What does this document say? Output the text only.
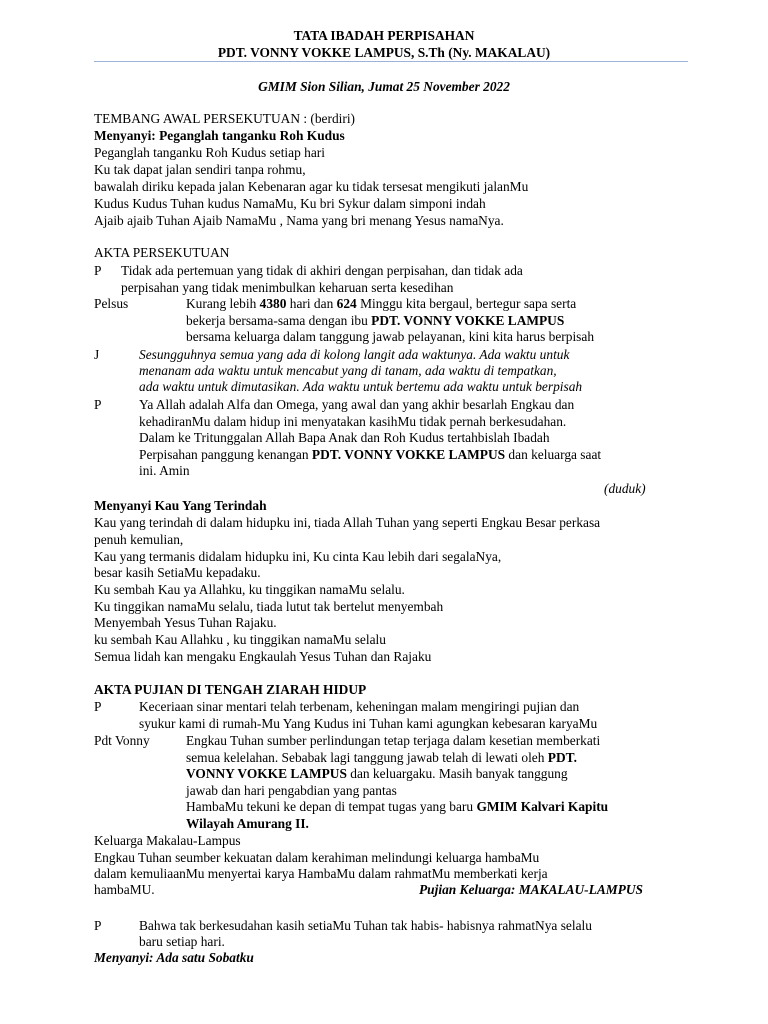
TATA IBADAH PERPISAHAN
PDT. VONNY VOKKE LAMPUS, S.Th (Ny. MAKALAU)
GMIM Sion Silian, Jumat 25 November 2022
TEMBANG AWAL PERSEKUTUAN : (berdiri)
Menyanyi: Peganglah tanganku Roh Kudus
Peganglah tanganku Roh Kudus setiap hari
Ku tak dapat jalan sendiri tanpa rohmu,
bawalah diriku kepada jalan Kebenaran agar ku tidak tersesat mengikuti jalanMu
Kudus Kudus Tuhan kudus NamaMu, Ku bri Sykur dalam simponi indah
Ajaib ajaib Tuhan Ajaib NamaMu , Nama yang bri menang Yesus namaNya.
AKTA PERSEKUTUAN
P Tidak ada pertemuan yang tidak di akhiri dengan perpisahan, dan tidak ada
perpisahan yang tidak menimbulkan keharuan serta kesedihan
Pelsus	Kurang lebih 4380 hari dan 624 Minggu kita bergaul, bertegur sapa serta
bekerja bersama-sama dengan ibu PDT. VONNY VOKKE LAMPUS
bersama keluarga dalam tanggung jawab pelayanan, kini kita harus berpisah
J	Sesungguhnya semua yang ada di kolong langit ada waktunya. Ada waktu untuk
menanam ada waktu untuk mencabut yang di tanam, ada waktu di tempatkan,
ada waktu untuk dimutasikan. Ada waktu untuk bertemu ada waktu untuk berpisah
P	Ya Allah adalah Alfa dan Omega, yang awal dan yang akhir besarlah Engkau dan
kehadiranMu dalam hidup ini menyatakan kasihMu tidak pernah berkesudahan.
Dalam ke Tritunggalan Allah Bapa Anak dan Roh Kudus tertahbislah Ibadah
Perpisahan panggung kenangan PDT. VONNY VOKKE LAMPUS dan keluarga saat
ini. Amin
(duduk)
Menyanyi Kau Yang Terindah
Kau yang terindah di dalam hidupku ini, tiada Allah Tuhan yang seperti Engkau Besar perkasa
penuh kemulian,
Kau yang termanis didalam hidupku ini, Ku cinta Kau lebih dari segalaNya,
besar kasih SetiaMu kepadaku.
Ku sembah Kau ya Allahku, ku tinggikan namaMu selalu.
Ku tinggikan namaMu selalu, tiada lutut tak bertelut menyembah
Menyembah Yesus Tuhan Rajaku.
ku sembah Kau Allahku , ku tinggikan namaMu selalu
Semua lidah kan mengaku Engkaulah Yesus Tuhan dan Rajaku
AKTA PUJIAN DI TENGAH ZIARAH HIDUP
P	Keceriaan sinar mentari telah terbenam, keheningan malam mengiringi pujian dan
syukur kami di rumah-Mu Yang Kudus ini Tuhan kami agungkan kebesaran karyaMu
Pdt Vonny	Engkau Tuhan sumber perlindungan tetap terjaga dalam kesetian memberkati
semua kelelahan. Sebabak lagi tanggung jawab telah di lewati oleh PDT.
VONNY VOKKE LAMPUS dan keluargaku. Masih banyak tanggung
jawab dan hari pengabdian yang pantas
HambaMu tekuni ke depan di tempat tugas yang baru GMIM Kalvari Kapitu
Wilayah Amurang II.
Keluarga Makalau-Lampus
Engkau Tuhan seumber kekuatan dalam kerahiman melindungi keluarga hambaMu
dalam kemuliaanMu menyertai karya HambaMu dalam rahmatMu memberkati kerja
hambaMU.	Pujian Keluarga: MAKALAU-LAMPUS
P	Bahwa tak berkesudahan kasih setiaMu Tuhan tak habis- habisnya rahmatNya selalu
baru setiap hari.
Menyanyi: Ada satu Sobatku
